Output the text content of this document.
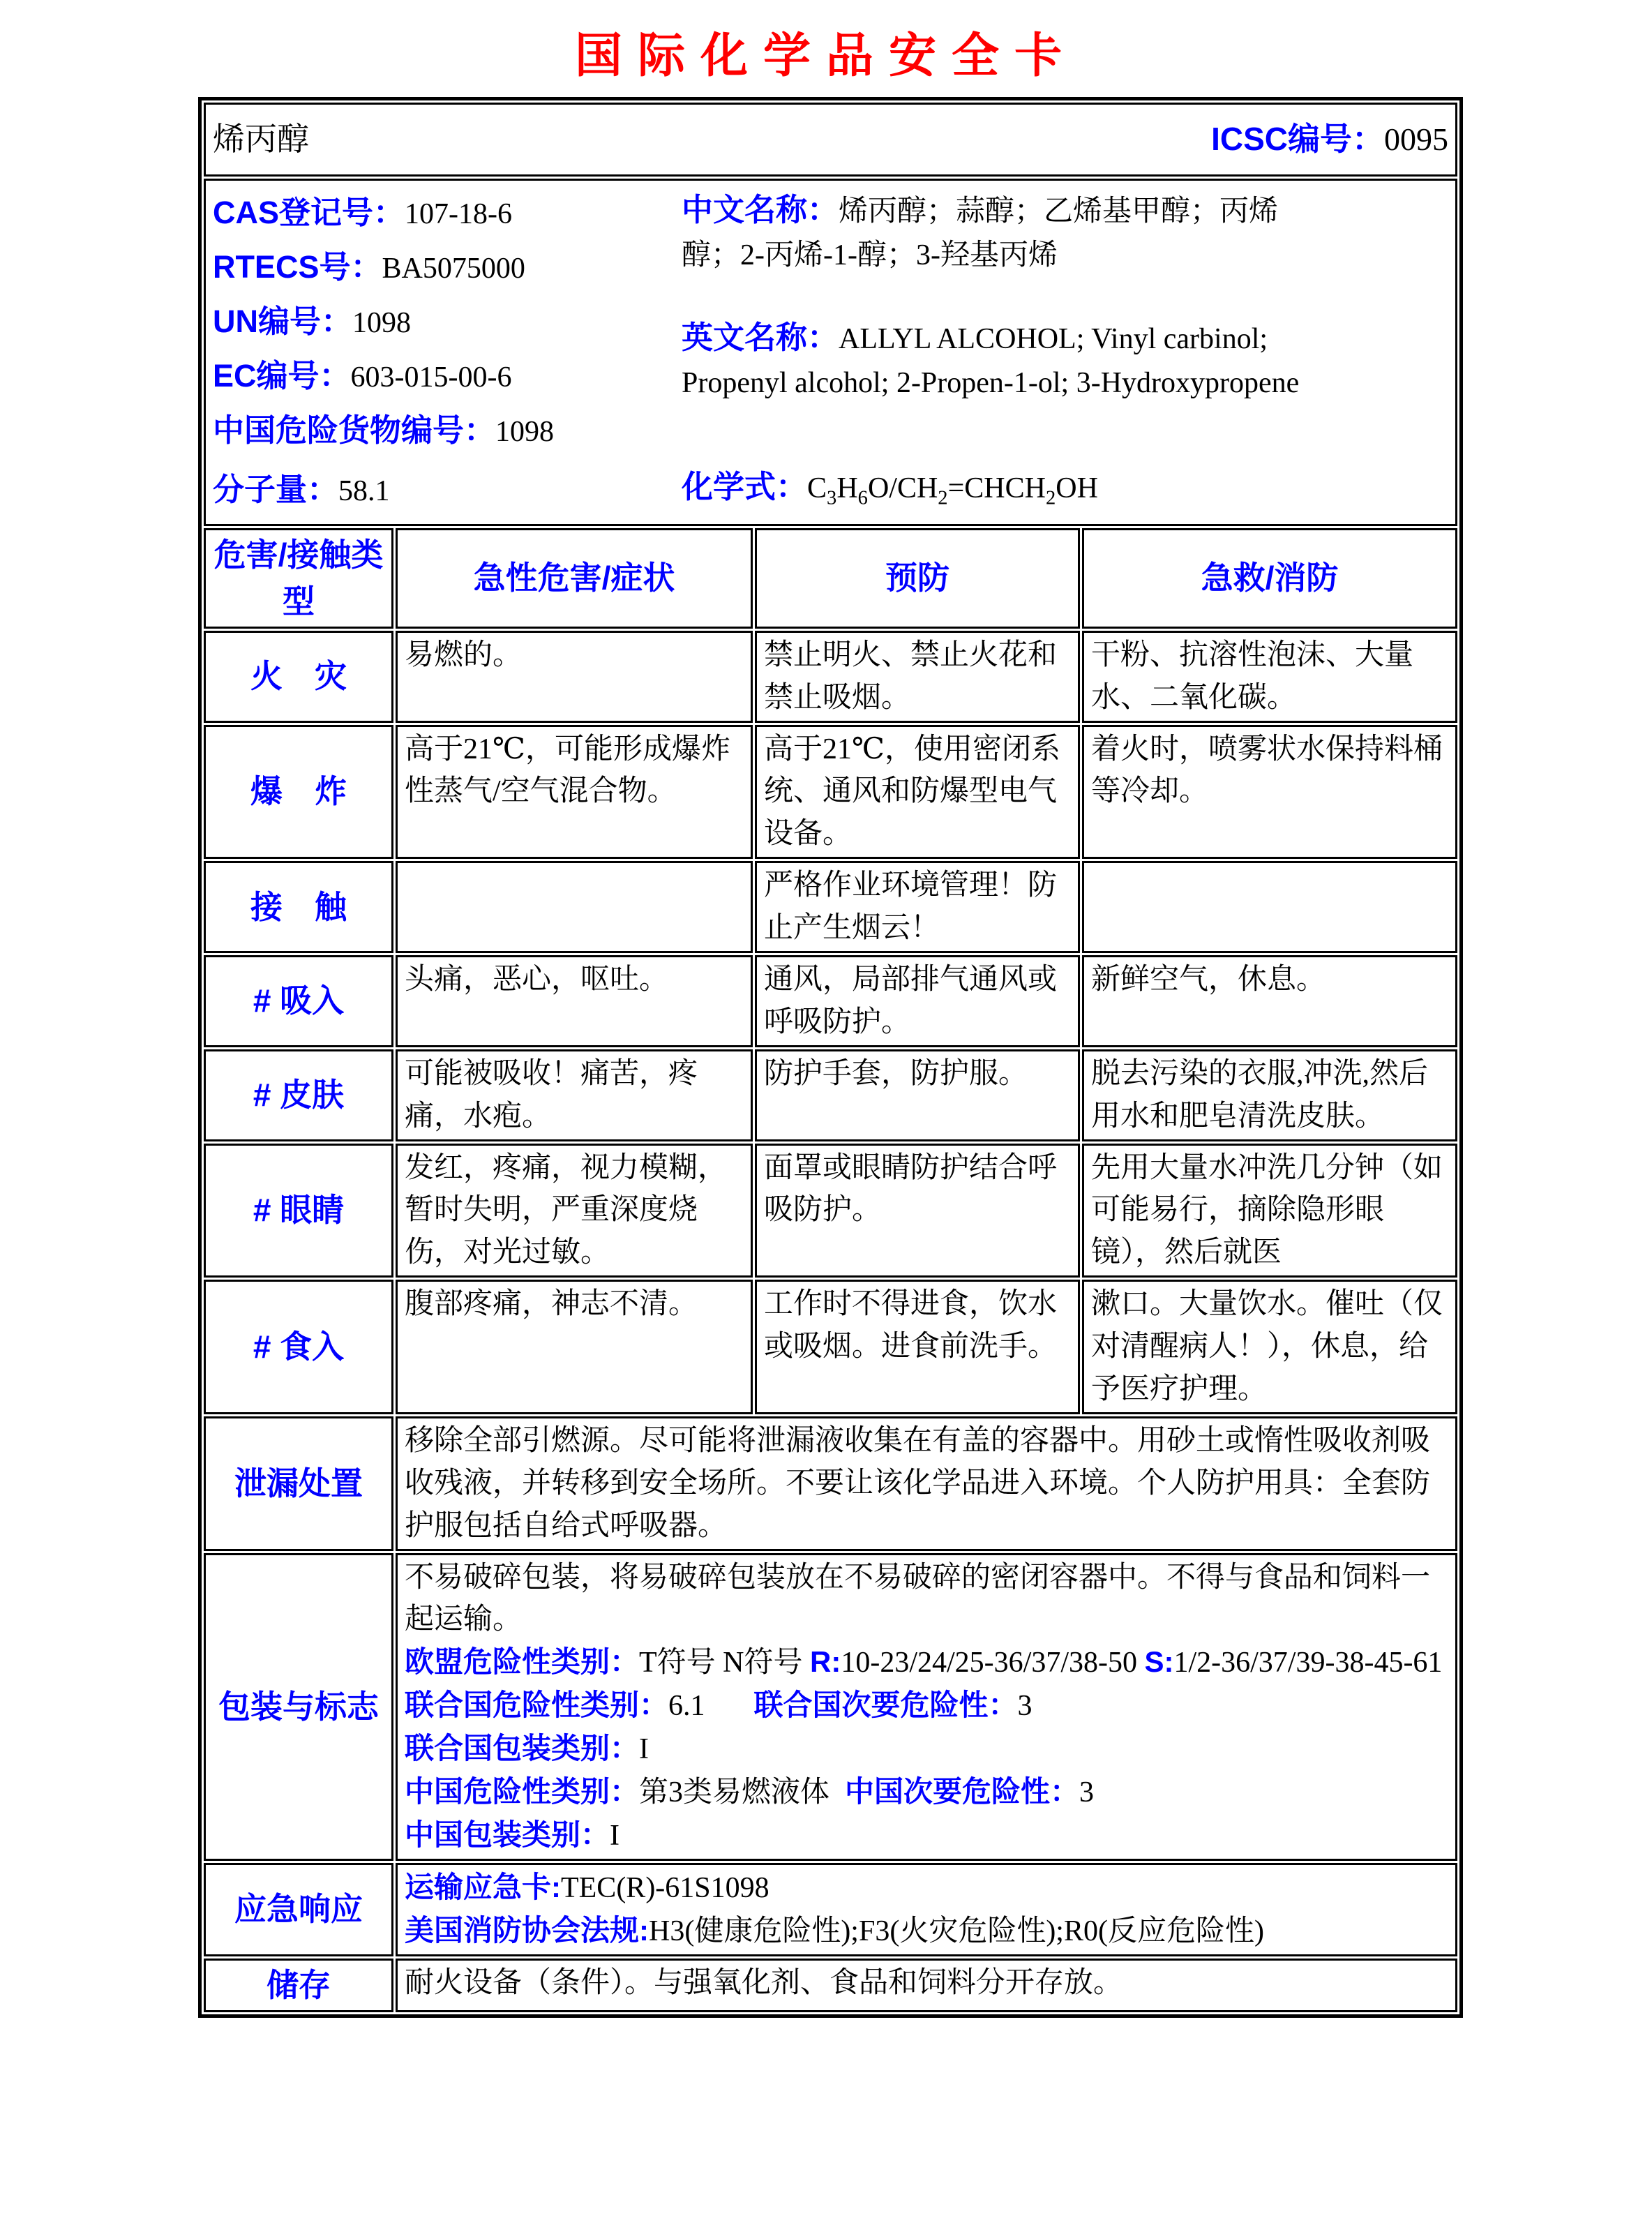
国际化学品安全卡
烯丙醇 ICSC编号：0095			

CAS登记号：107-18-6
RTECS号：BA5075000
UN编号：1098
EC编号：603-015-00-6
中国危险货物编号：1098
中文名称：烯丙醇；蒜醇；乙烯基甲醇；丙烯醇；2-丙烯-1-醇；3-羟基丙烯
英文名称：ALLYL ALCOHOL; Vinyl carbinol; Propenyl alcohol; 2-Propen-1-ol; 3-Hydroxypropene
分子量：58.1	化学式：$C_3H_6O/CH_2=CHCH_2OH$

危害/接触类型	急性危害/症状	预防	急救/消防
火　灾	易燃的。	禁止明火、禁止火花和禁止吸烟。	干粉、抗溶性泡沫、大量水、二氧化碳。
爆　炸	高于21℃，可能形成爆炸性蒸气/空气混合物。	高于21℃，使用密闭系统、通风和防爆型电气设备。	着火时，喷雾状水保持料桶等冷却。
接　触		严格作业环境管理！防止产生烟云！	
# 吸入	头痛，恶心，呕吐。	通风，局部排气通风或呼吸防护。	新鲜空气，休息。
# 皮肤	可能被吸收！痛苦，疼痛，水疱。	防护手套，防护服。	脱去污染的衣服,冲洗,然后用水和肥皂清洗皮肤。
# 眼睛	发红，疼痛，视力模糊，暂时失明，严重深度烧伤，对光过敏。	面罩或眼睛防护结合呼吸防护。	先用大量水冲洗几分钟（如可能易行，摘除隐形眼镜），然后就医
# 食入	腹部疼痛，神志不清。	工作时不得进食，饮水或吸烟。进食前洗手。	漱口。大量饮水。催吐（仅对清醒病人！），休息，给予医疗护理。
泄漏处置	移除全部引燃源。尽可能将泄漏液收集在有盖的容器中。用砂土或惰性吸收剂吸收残液，并转移到安全场所。不要让该化学品进入环境。个人防护用具：全套防护服包括自给式呼吸器。		
包装与标志	
不易破碎包装，将易破碎包装放在不易破碎的密闭容器中。不得与食品和饲料一起运输。
欧盟危险性类别：T符号 N符号 R:10-23/24/25-36/37/38-50 S:1/2-36/37/39-38-45-61
联合国危险性类别：6.1 联合国次要危险性：3
联合国包装类别：I
中国危险性类别：第3类易燃液体 中国次要危险性：3
中国包装类别：I

应急响应	运输应急卡:TEC(R)-61S1098
美国消防协会法规:H3(健康危险性);F3(火灾危险性);R0(反应危险性)		

储存	耐火设备（条件）。与强氧化剂、食品和饲料分开存放。		
